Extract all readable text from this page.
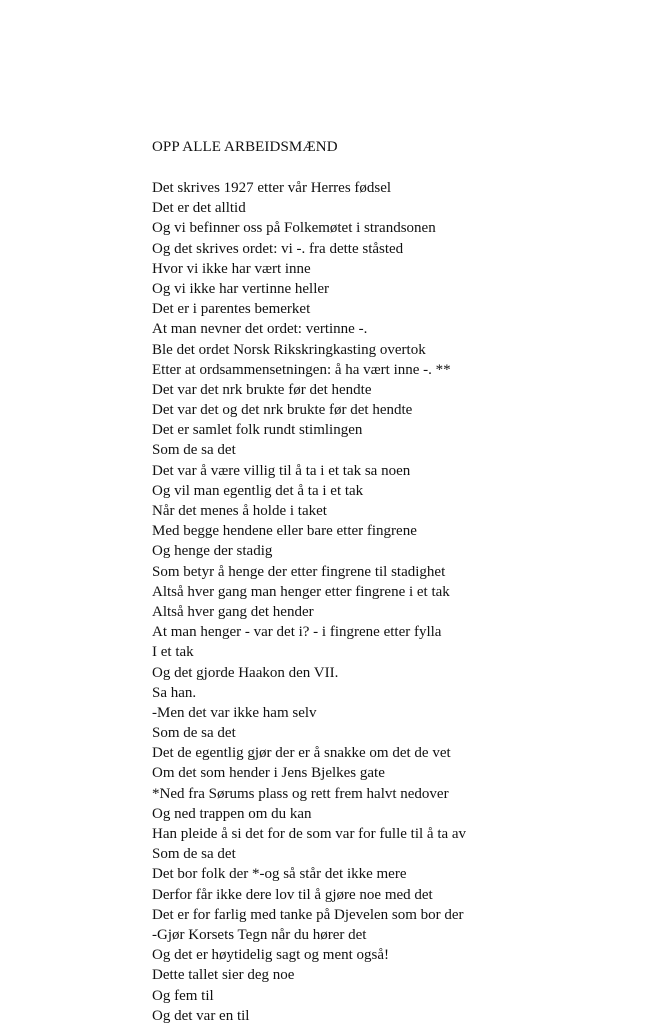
OPP ALLE ARBEIDSMÆND
Det skrives 1927 etter vår Herres fødsel
Det er det alltid
Og vi befinner oss på Folkemøtet i strandsonen
Og det skrives ordet: vi -. fra dette ståsted
Hvor vi ikke har vært inne
Og vi ikke har vertinne heller
Det er i parentes bemerket
At man nevner det ordet: vertinne -.
Ble det ordet Norsk Rikskringkasting overtok
Etter at ordsammensetningen: å ha vært inne -. **
Det var det nrk brukte før det hendte
Det var det og det nrk brukte før det hendte
Det er samlet folk rundt stimlingen
Som de sa det
Det var å være villig til å ta i et tak sa noen
Og vil man egentlig det å ta i et tak
Når det menes å holde i taket
Med begge hendene eller bare etter fingrene
Og henge der stadig
Som betyr å henge der etter fingrene til stadighet
Altså hver gang man henger etter fingrene i et tak
Altså hver gang det hender
At man henger - var det i? - i fingrene etter fylla
I et tak
Og det gjorde Haakon den VII.
Sa han.
-Men det var ikke ham selv
Som de sa det
Det de egentlig gjør der er å snakke om det de vet
Om det som hender i Jens Bjelkes gate
*Ned fra Sørums plass og rett frem halvt nedover
Og ned trappen om du kan
Han pleide å si det for de som var for fulle til å ta av
Som de sa det
Det bor folk der *-og så står det ikke mere
Derfor får ikke dere lov til å gjøre noe med det
Det er for farlig med tanke på Djevelen som bor der
-Gjør Korsets Tegn når du hører det
Og det er høytidelig sagt og ment også!
Dette tallet sier deg noe
Og fem til
Og det var en til
